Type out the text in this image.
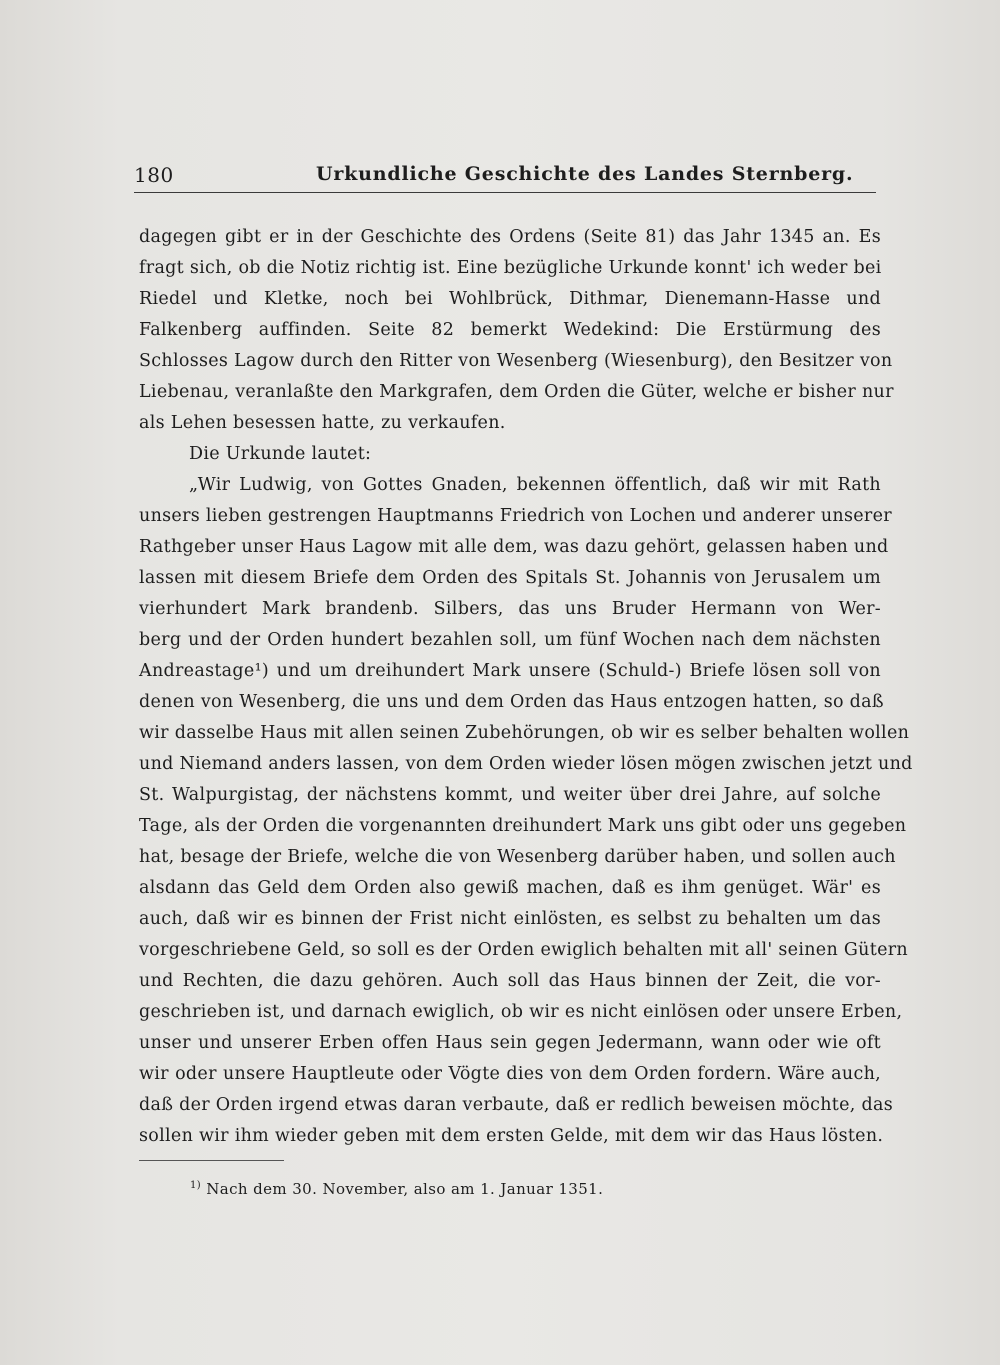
180	Urkundliche Geschichte des Landes Sternberg.
dagegen gibt er in der Geschichte des Ordens (Seite 81) das Jahr 1345 an. Es
fragt sich, ob die Notiz richtig ist. Eine bezügliche Urkunde konnt' ich weder bei
Riedel und Kletke, noch bei Wohlbrück, Dithmar, Dienemann-Hasse und
Falkenberg auffinden. Seite 82 bemerkt Wedekind: Die Erstürmung des
Schlosses Lagow durch den Ritter von Wesenberg (Wiesenburg), den Besitzer von
Liebenau, veranlaßte den Markgrafen, dem Orden die Güter, welche er bisher nur
als Lehen besessen hatte, zu verkaufen.
Die Urkunde lautet:
„Wir Ludwig, von Gottes Gnaden, bekennen öffentlich, daß wir mit Rath
unsers lieben gestrengen Hauptmanns Friedrich von Lochen und anderer unserer
Rathgeber unser Haus Lagow mit alle dem, was dazu gehört, gelassen haben und
lassen mit diesem Briefe dem Orden des Spitals St. Johannis von Jerusalem um
vierhundert Mark brandenb. Silbers, das uns Bruder Hermann von Wer-
berg und der Orden hundert bezahlen soll, um fünf Wochen nach dem nächsten
Andreastage¹) und um dreihundert Mark unsere (Schuld-) Briefe lösen soll von
denen von Wesenberg, die uns und dem Orden das Haus entzogen hatten, so daß
wir dasselbe Haus mit allen seinen Zubehörungen, ob wir es selber behalten wollen
und Niemand anders lassen, von dem Orden wieder lösen mögen zwischen jetzt und
St. Walpurgistag, der nächstens kommt, und weiter über drei Jahre, auf solche
Tage, als der Orden die vorgenannten dreihundert Mark uns gibt oder uns gegeben
hat, besage der Briefe, welche die von Wesenberg darüber haben, und sollen auch
alsdann das Geld dem Orden also gewiß machen, daß es ihm genüget. Wär' es
auch, daß wir es binnen der Frist nicht einlösten, es selbst zu behalten um das
vorgeschriebene Geld, so soll es der Orden ewiglich behalten mit all' seinen Gütern
und Rechten, die dazu gehören. Auch soll das Haus binnen der Zeit, die vor-
geschrieben ist, und darnach ewiglich, ob wir es nicht einlösen oder unsere Erben,
unser und unserer Erben offen Haus sein gegen Jedermann, wann oder wie oft
wir oder unsere Hauptleute oder Vögte dies von dem Orden fordern. Wäre auch,
daß der Orden irgend etwas daran verbaute, daß er redlich beweisen möchte, das
sollen wir ihm wieder geben mit dem ersten Gelde, mit dem wir das Haus lösten.
$^{1)}$ Nach dem 30. November, also am 1. Januar 1351.
